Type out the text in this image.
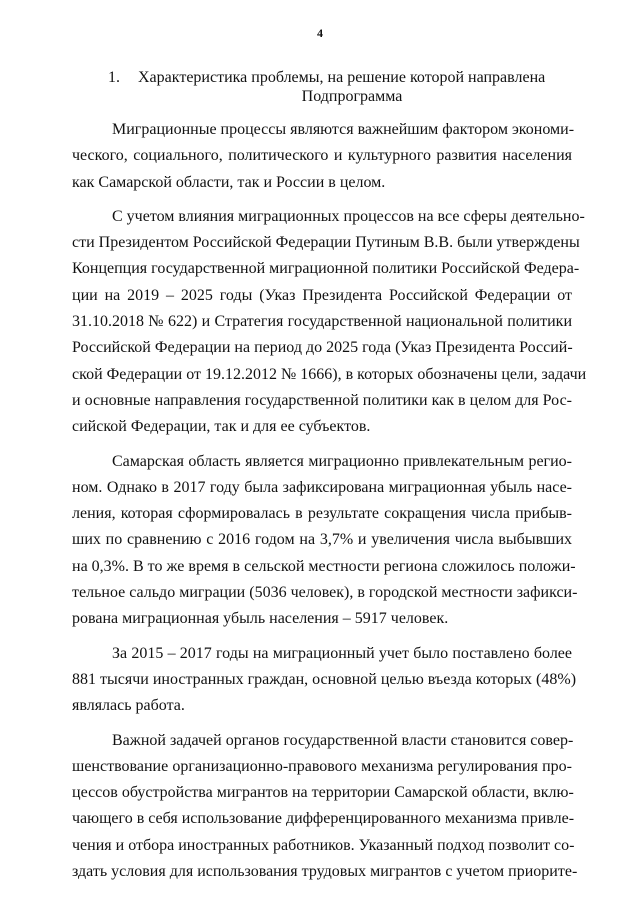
4
1. Характеристика проблемы, на решение которой направлена
Подпрограмма
Миграционные процессы являются важнейшим фактором экономи-
ческого, социального, политического и культурного развития населения
как Самарской области, так и России в целом.
С учетом влияния миграционных процессов на все сферы деятельно-
сти Президентом Российской Федерации Путиным В.В. были утверждены
Концепция государственной миграционной политики Российской Федера-
ции на 2019 – 2025 годы (Указ Президента Российской Федерации от
31.10.2018 № 622) и Стратегия государственной национальной политики
Российской Федерации на период до 2025 года (Указ Президента Россий-
ской Федерации от 19.12.2012 № 1666), в которых обозначены цели, задачи
и основные направления государственной политики как в целом для Рос-
сийской Федерации, так и для ее субъектов.
Самарская область является миграционно привлекательным регио-
ном. Однако в 2017 году была зафиксирована миграционная убыль насе-
ления, которая сформировалась в результате сокращения числа прибыв-
ших по сравнению с 2016 годом на 3,7% и увеличения числа выбывших
на 0,3%. В то же время в сельской местности региона сложилось положи-
тельное сальдо миграции (5036 человек), в городской местности зафикси-
рована миграционная убыль населения – 5917 человек.
За 2015 – 2017 годы на миграционный учет было поставлено более
881 тысячи иностранных граждан, основной целью въезда которых (48%)
являлась работа.
Важной задачей органов государственной власти становится совер-
шенствование организационно-правового механизма регулирования про-
цессов обустройства мигрантов на территории Самарской области, вклю-
чающего в себя использование дифференцированного механизма привле-
чения и отбора иностранных работников. Указанный подход позволит со-
здать условия для использования трудовых мигрантов с учетом приорите-
